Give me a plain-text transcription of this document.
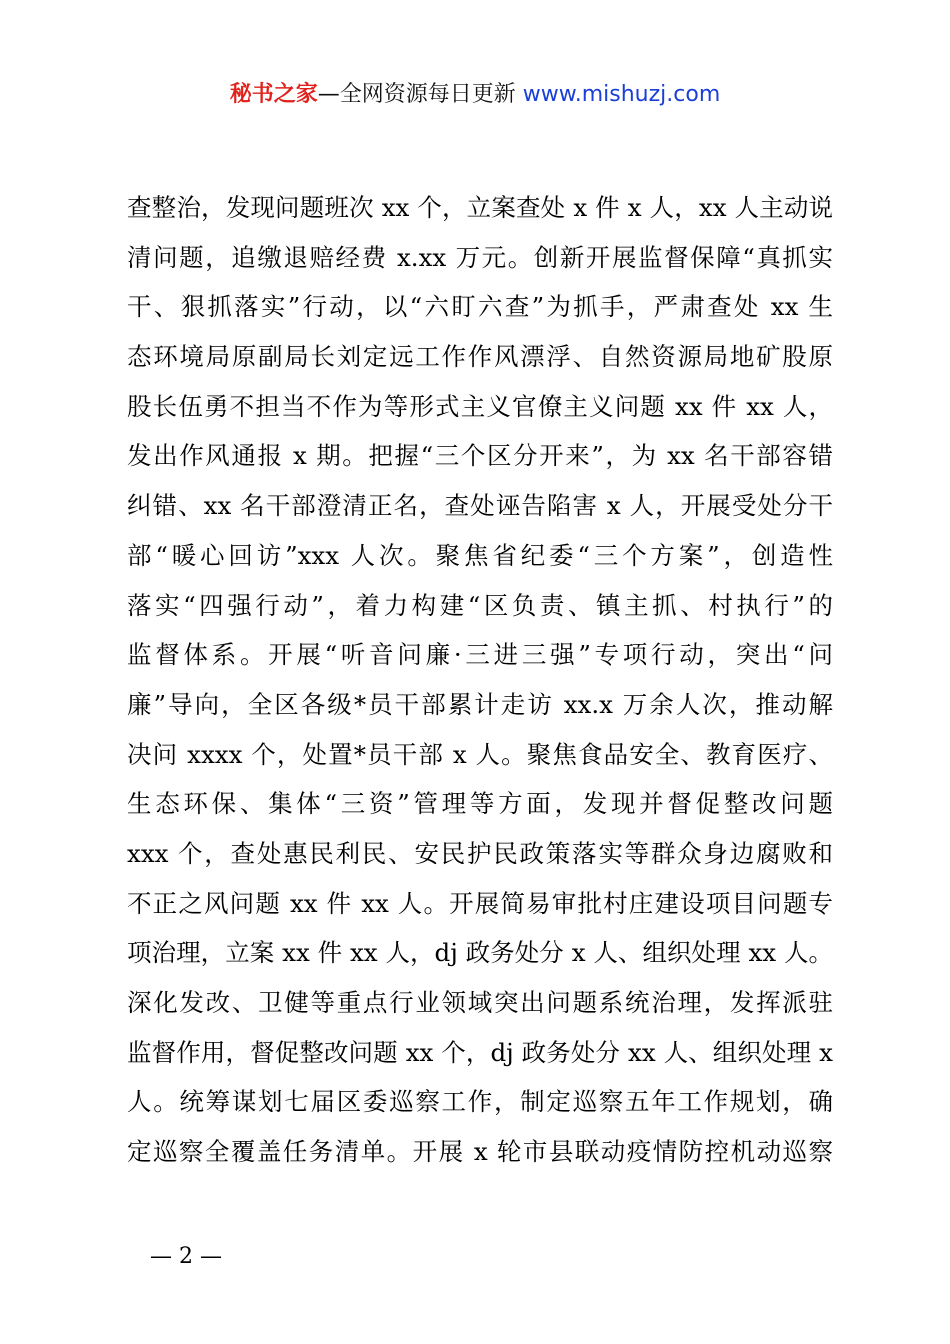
秘书之家—全网资源每日更新 www.mishuzj.com
查整治，发现问题班次 xx 个，立案查处 x 件 x 人，xx 人主动说
清问题，追缴退赔经费 x.xx 万元。创新开展监督保障“真抓实
干、狠抓落实”行动，以“六盯六查”为抓手，严肃查处 xx 生
态环境局原副局长刘定远工作作风漂浮、自然资源局地矿股原
股长伍勇不担当不作为等形式主义官僚主义问题 xx 件 xx 人，
发出作风通报 x 期。把握“三个区分开来”，为 xx 名干部容错
纠错、xx 名干部澄清正名，查处诬告陷害 x 人，开展受处分干
部“暖心回访”xxx 人次。聚焦省纪委“三个方案”，创造性
落实“四强行动”，着力构建“区负责、镇主抓、村执行”的
监督体系。开展“听音问廉·三进三强”专项行动，突出“问
廉”导向，全区各级*员干部累计走访 xx.x 万余人次，推动解
决问 xxxx 个，处置*员干部 x 人。聚焦食品安全、教育医疗、
生态环保、集体“三资”管理等方面，发现并督促整改问题
xxx 个，查处惠民利民、安民护民政策落实等群众身边腐败和
不正之风问题 xx 件 xx 人。开展简易审批村庄建设项目问题专
项治理，立案 xx 件 xx 人，dj 政务处分 x 人、组织处理 xx 人。
深化发改、卫健等重点行业领域突出问题系统治理，发挥派驻
监督作用，督促整改问题 xx 个，dj 政务处分 xx 人、组织处理 x
人。统筹谋划七届区委巡察工作，制定巡察五年工作规划，确
定巡察全覆盖任务清单。开展 x 轮市县联动疫情防控机动巡察
— 2 —
